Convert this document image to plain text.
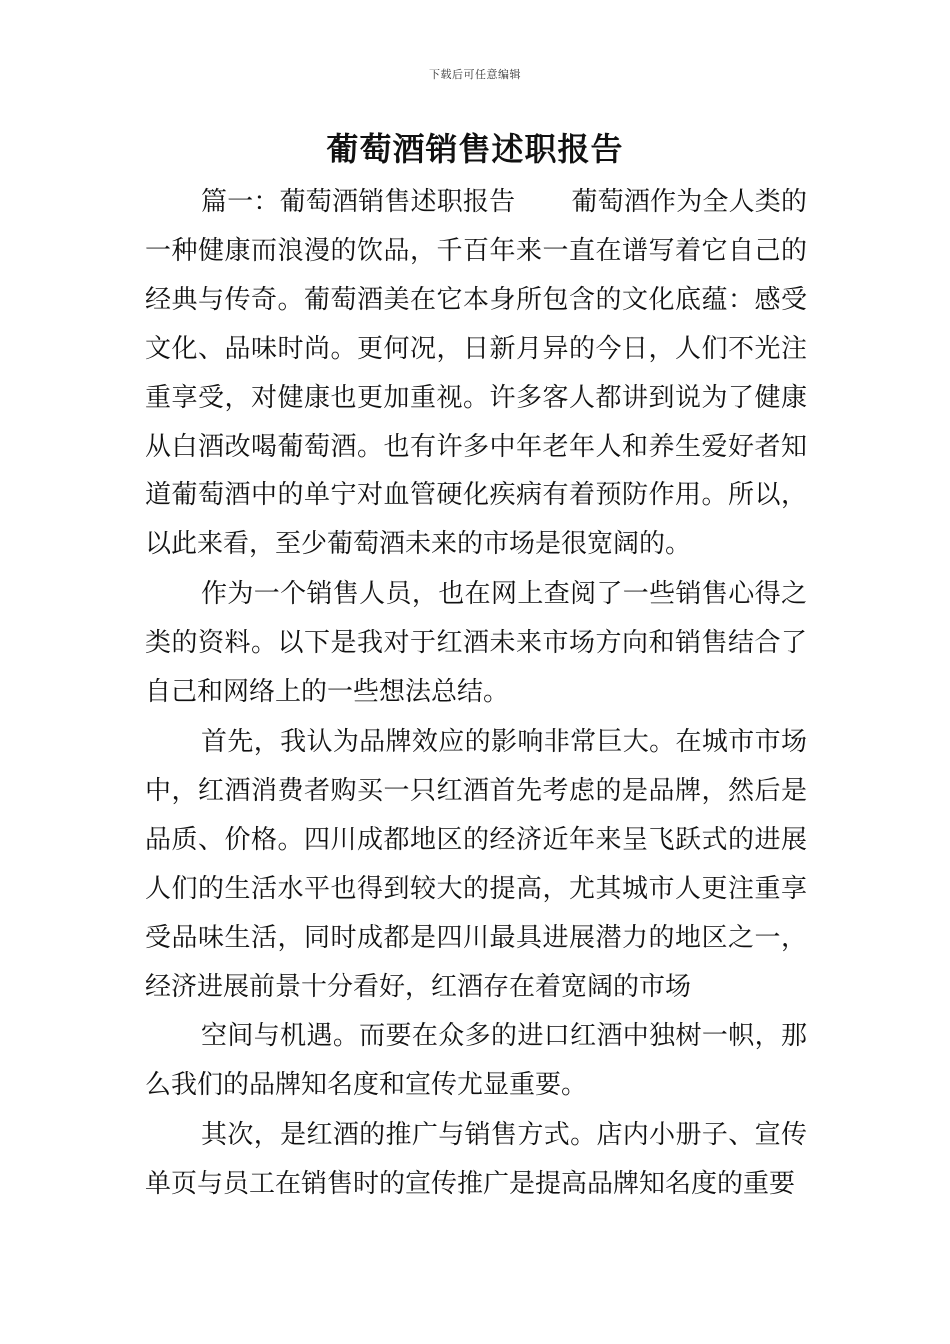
下载后可任意编辑
葡萄酒销售述职报告

篇一：葡萄酒销售述职报告 葡萄酒作为全人类的一种健康而浪漫的饮品，千百年来一直在谱写着它自己的经典与传奇。葡萄酒美在它本身所包含的文化底蕴：感受文化、品味时尚。更何况，日新月异的今日，人们不光注重享受，对健康也更加重视。许多客人都讲到说为了健康从白酒改喝葡萄酒。也有许多中年老年人和养生爱好者知道葡萄酒中的单宁对血管硬化疾病有着预防作用。所以，以此来看，至少葡萄酒未来的市场是很宽阔的。

作为一个销售人员，也在网上查阅了一些销售心得之类的资料。以下是我对于红酒未来市场方向和销售结合了自己和网络上的一些想法总结。

首先，我认为品牌效应的影响非常巨大。在城市市场中，红酒消费者购买一只红酒首先考虑的是品牌，然后是品质、价格。四川成都地区的经济近年来呈飞跃式的进展人们的生活水平也得到较大的提高，尤其城市人更注重享受品味生活，同时成都是四川最具进展潜力的地区之一，经济进展前景十分看好，红酒存在着宽阔的市场

空间与机遇。而要在众多的进口红酒中独树一帜，那么我们的品牌知名度和宣传尤显重要。

其次，是红酒的推广与销售方式。店内小册子、宣传单页与员工在销售时的宣传推广是提高品牌知名度的重要
